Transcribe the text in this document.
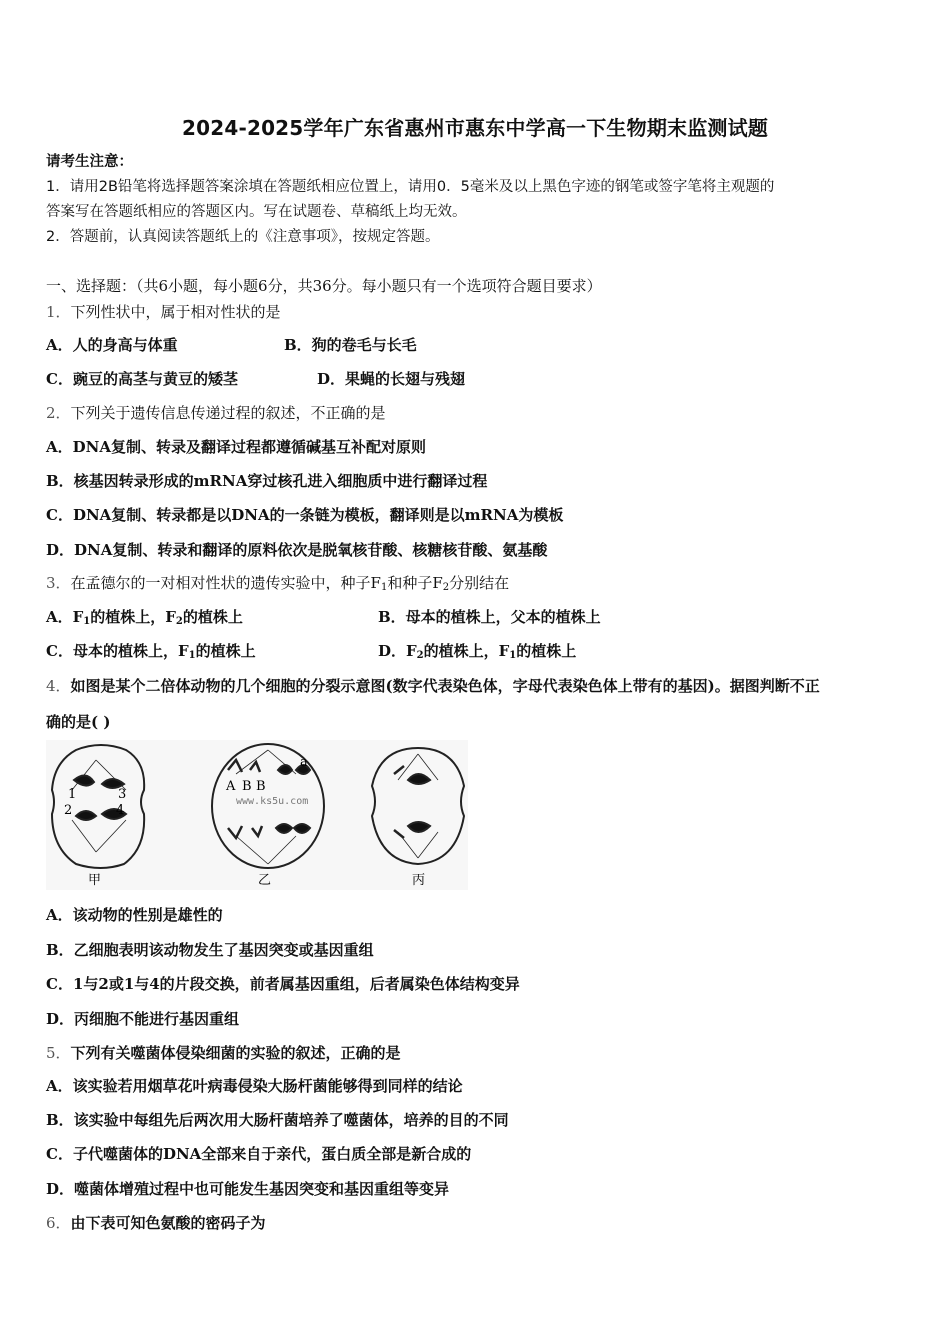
2024-2025学年广东省惠州市惠东中学高一下生物期末监测试题
请考生注意：
1．请用2B铅笔将选择题答案涂填在答题纸相应位置上，请用0．5毫米及以上黑色字迹的钢笔或签字笔将主观题的
答案写在答题纸相应的答题区内。写在试题卷、草稿纸上均无效。
2．答题前，认真阅读答题纸上的《注意事项》，按规定答题。
一、选择题：（共6小题，每小题6分，共36分。每小题只有一个选项符合题目要求）
1．下列性状中，属于相对性状的是
A．人的身高与体重	B．狗的卷毛与长毛
C．豌豆的高茎与黄豆的矮茎	D．果蝇的长翅与残翅
2．下列关于遗传信息传递过程的叙述，不正确的是
A．DNA复制、转录及翻译过程都遵循碱基互补配对原则
B．核基因转录形成的mRNA穿过核孔进入细胞质中进行翻译过程
C．DNA复制、转录都是以DNA的一条链为模板，翻译则是以mRNA为模板
D．DNA复制、转录和翻译的原料依次是脱氧核苷酸、核糖核苷酸、氨基酸
3．在孟德尔的一对相对性状的遗传实验中，种子$F_1$和种子$F_2$分别结在
A．$F_1$的植株上，$F_2$的植株上	B．母本的植株上，父本的植株上
C．母本的植株上，$F_1$的植株上	D．$F_2$的植株上，$F_1$的植株上
4．如图是某个二倍体动物的几个细胞的分裂示意图(数字代表染色体，字母代表染色体上带有的基因)。据图判断不正
确的是( )
1
2
3
4
甲
A B B
a
www.ks5u.com
乙	丙
A．该动物的性别是雄性的
B．乙细胞表明该动物发生了基因突变或基因重组
C．1与2或1与4的片段交换，前者属基因重组，后者属染色体结构变异
D．丙细胞不能进行基因重组
5．下列有关噬菌体侵染细菌的实验的叙述，正确的是
A．该实验若用烟草花叶病毒侵染大肠杆菌能够得到同样的结论
B．该实验中每组先后两次用大肠杆菌培养了噬菌体，培养的目的不同
C．子代噬菌体的DNA全部来自于亲代，蛋白质全部是新合成的
D．噬菌体增殖过程中也可能发生基因突变和基因重组等变异
6．由下表可知色氨酸的密码子为
